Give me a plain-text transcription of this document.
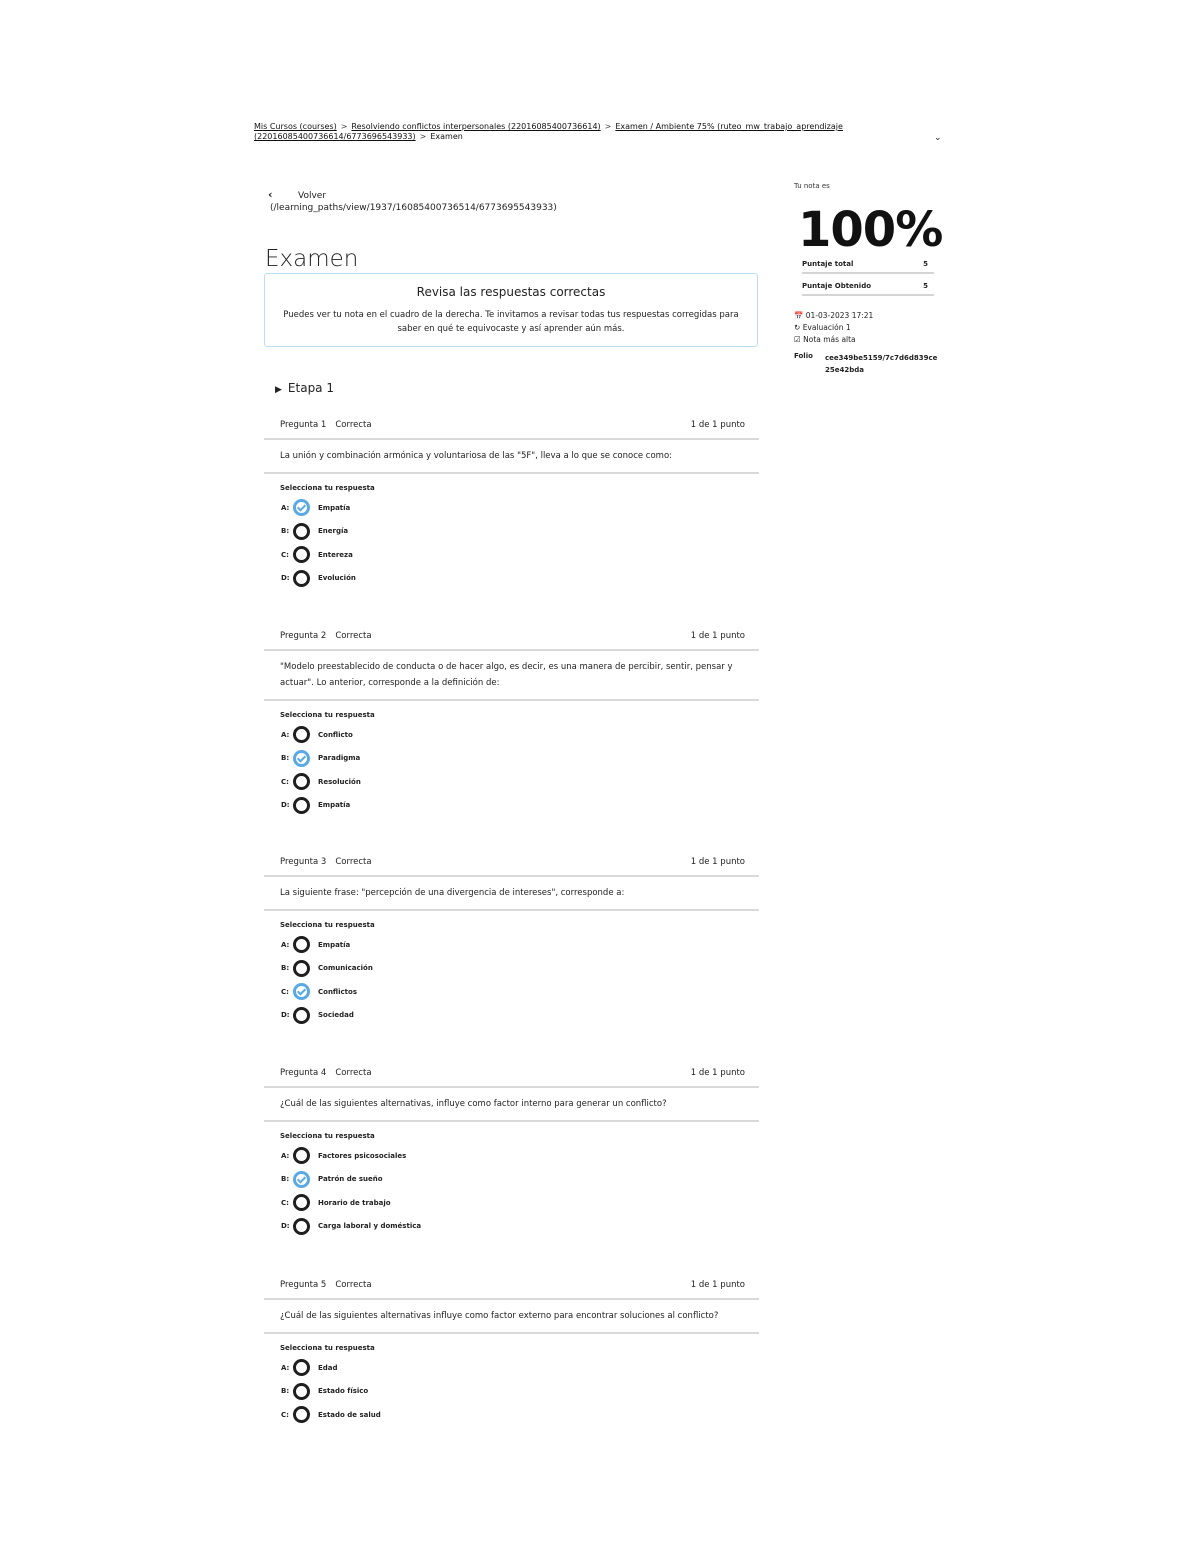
Mis Cursos (courses) > Resolviendo conflictos interpersonales (22016085400736614) > Examen / Ambiente 75% (ruteo_mw_trabajo_aprendizaje (22016085400736614/6773696543933) > Examen	⌄
‹	Volver
(/learning_paths/view/1937/16085400736514/6773695543933)
Examen
Revisa las respuestas correctas
Puedes ver tu nota en el cuadro de la derecha. Te invitamos a revisar todas tus respuestas corregidas para saber en qué te equivocaste y así aprender aún más.
▶ Etapa 1
Pregunta 1 Correcta	1 de 1 punto
La unión y combinación armónica y voluntariosa de las "5F", lleva a lo que se conoce como:
Selecciona tu respuesta
A:	Empatía
B:	Energía
C:	Entereza
D:	Evolución
Pregunta 2 Correcta	1 de 1 punto
"Modelo preestablecido de conducta o de hacer algo, es decir, es una manera de percibir, sentir, pensar y actuar". Lo anterior, corresponde a la definición de:
Selecciona tu respuesta
A:	Conflicto
B:	Paradigma
C:	Resolución
D:	Empatía
Pregunta 3 Correcta	1 de 1 punto
La siguiente frase: "percepción de una divergencia de intereses", corresponde a:
Selecciona tu respuesta
A:	Empatía
B:	Comunicación
C:	Conflictos
D:	Sociedad
Pregunta 4 Correcta	1 de 1 punto
¿Cuál de las siguientes alternativas, influye como factor interno para generar un conflicto?
Selecciona tu respuesta
A:	Factores psicosociales
B:	Patrón de sueño
C:	Horario de trabajo
D:	Carga laboral y doméstica
Pregunta 5 Correcta	1 de 1 punto
¿Cuál de las siguientes alternativas influye como factor externo para encontrar soluciones al conflicto?
Selecciona tu respuesta
A:	Edad
B:	Estado físico
C:	Estado de salud
Tu nota es
100%
Puntaje total	5
Puntaje Obtenido	5
📅 01-03-2023 17:21
↻ Evaluación 1
☑ Nota más alta
Folio cee349be5159/7c7d6d839ce 25e42bda
